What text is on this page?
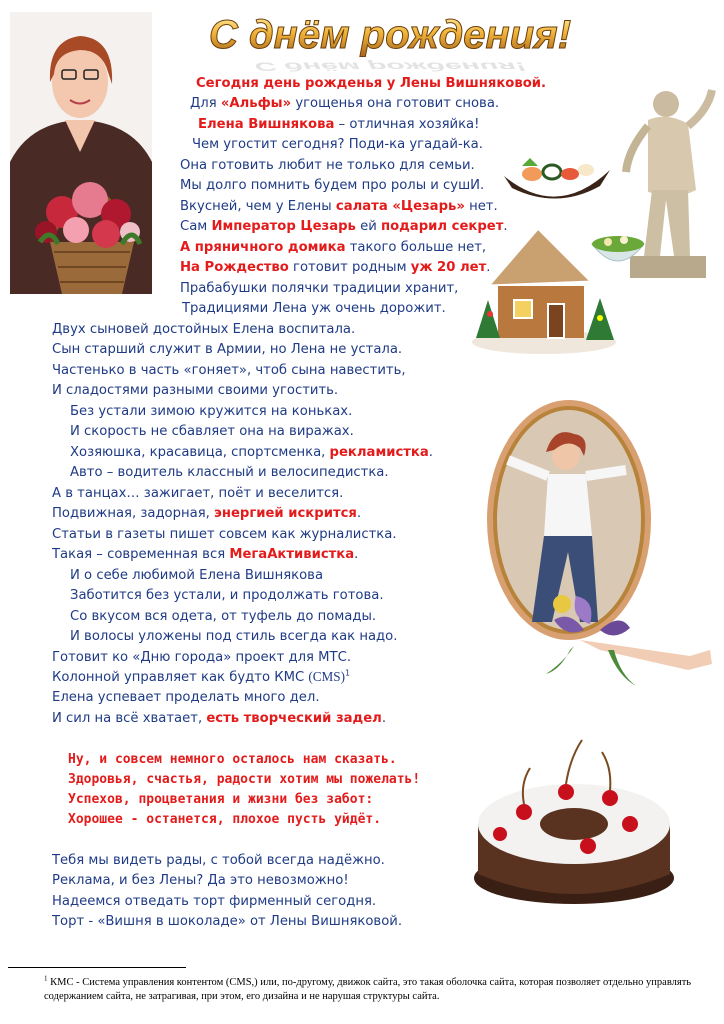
С днём рождения!
С днём рождения!
Сегодня день рожденья у Лены Вишняковой.
Для «Альфы» угощенья она готовит снова.
Елена Вишнякова – отличная хозяйка!
Чем угостит сегодня? Поди-ка угадай-ка.
Она готовить любит не только для семьи.
Мы долго помнить будем про ролы и сушИ.
Вкусней, чем у Елены салата «Цезарь» нет.
Сам Император Цезарь ей подарил секрет.
А пряничного домика такого больше нет,
На Рождество готовит родным уж 20 лет.
Прабабушки полячки традиции хранит,
Традициями Лена уж очень дорожит.
Двух сыновей достойных Елена воспитала.
Сын старший служит в Армии, но Лена не устала.
Частенько в часть «гоняет», чтоб сына навестить,
И сладостями разными своими угостить.
Без устали зимою кружится на коньках.
И скорость не сбавляет она на виражах.
Хозяюшка, красавица, спортсменка, рекламистка.
Авто – водитель классный и велосипедистка.
А в танцах… зажигает, поёт и веселится.
Подвижная, задорная, энергией искрится.
Статьи в газеты пишет совсем как журналистка.
Такая – современная вся МегаАктивистка.
И о себе любимой Елена Вишнякова
Заботится без устали, и продолжать готова.
Со вкусом вся одета, от туфель до помады.
И волосы уложены под стиль всегда как надо.
Готовит ко «Дню города» проект для МТС.
Колонной управляет как будто КМС (CMS)$^1$
Елена успевает проделать много дел.
И сил на всё хватает, есть творческий задел.
Ну, и совсем немного осталось нам сказать.
Здоровья, счастья, радости хотим мы пожелать!
Успехов, процветания и жизни без забот:
Хорошее - останется, плохое пусть уйдёт.
Тебя мы видеть рады, с тобой всегда надёжно.
Реклама, и без Лены? Да это невозможно!
Надеемся отведать торт фирменный сегодня.
Торт - «Вишня в шоколаде» от Лены Вишняковой.
$^1$ КМС - Система управления контентом (CMS,) или, по-другому, движок сайта, это такая оболочка сайта, которая позволяет отдельно управлять содержанием сайта, не затрагивая, при этом, его дизайна и не нарушая структуры сайта.
